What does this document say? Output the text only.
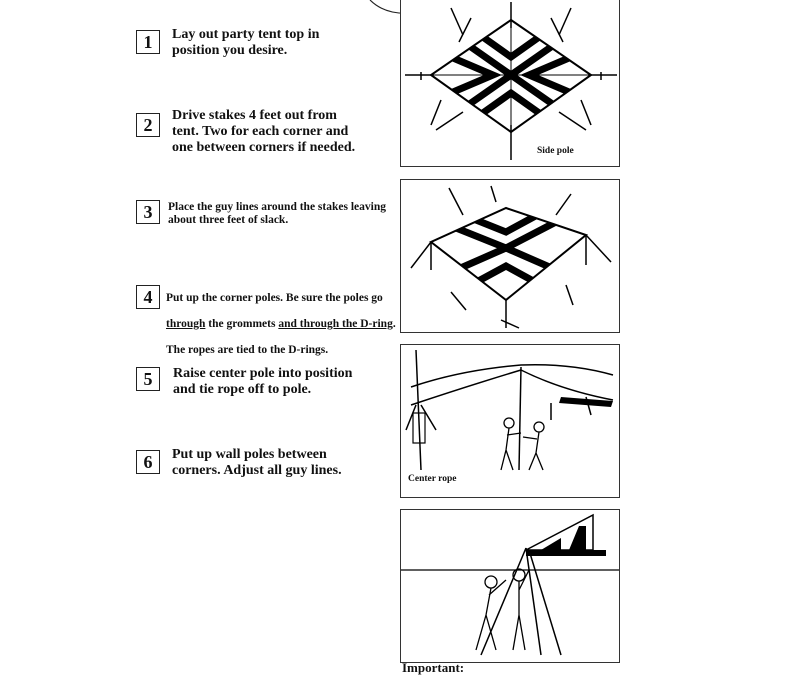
1	Lay out party tent top in
position you desire.
2	Drive stakes 4 feet out from
tent. Two for each corner and
one between corners if needed.
3	Place the guy lines around the stakes leaving
about three feet of slack.
4	Put up the corner poles. Be sure the poles go

through the grommets and through the D-ring.

The ropes are tied to the D-rings.

5	Raise center pole into position
and tie rope off to pole.
6	Put up wall poles between
corners. Adjust all guy lines.
Side pole
Center rope
Important:
